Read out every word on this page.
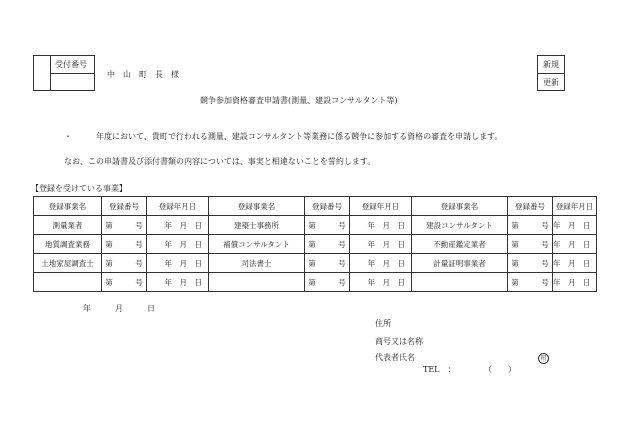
受付番号
中　山　町　長　様
新規
更新
競争参加資格審査申請書(測量、建設コンサルタント等)
・	年度において、貴町で行われる測量、建設コンサルタント等業務に係る競争に参加する資格の審査を申請します。
なお、この申請書及び添付書類の内容については、事実と相違ないことを誓約します。
【登録を受けている事業】
登録事業名	登録番号	登録年月日	登録事業名	登録番号	登録年月日	登録事業名	登録番号	登録年月日
測量業者	第　　　号	年　月　日	建築士事務所	第　　　号	年　月　日	建設コンサルタント	第　　　号	年　月　日
地質調査業務	第　　　号	年　月　日	補償コンサルタント	第　　　号	年　月　日	不動産鑑定業者	第　　　号	年　月　日
土地家屋調査士	第　　　号	年　月　日	司法書士	第　　　号	年　月　日	計量証明事業者	第　　　号	年　月　日
	第　　　号	年　月　日		第　　　号	年　月　日		第　　　号	年　月　日
年　　　月　　　日
住所
商号又は名称
代表者氏名	印
TEL　：	（　　）
